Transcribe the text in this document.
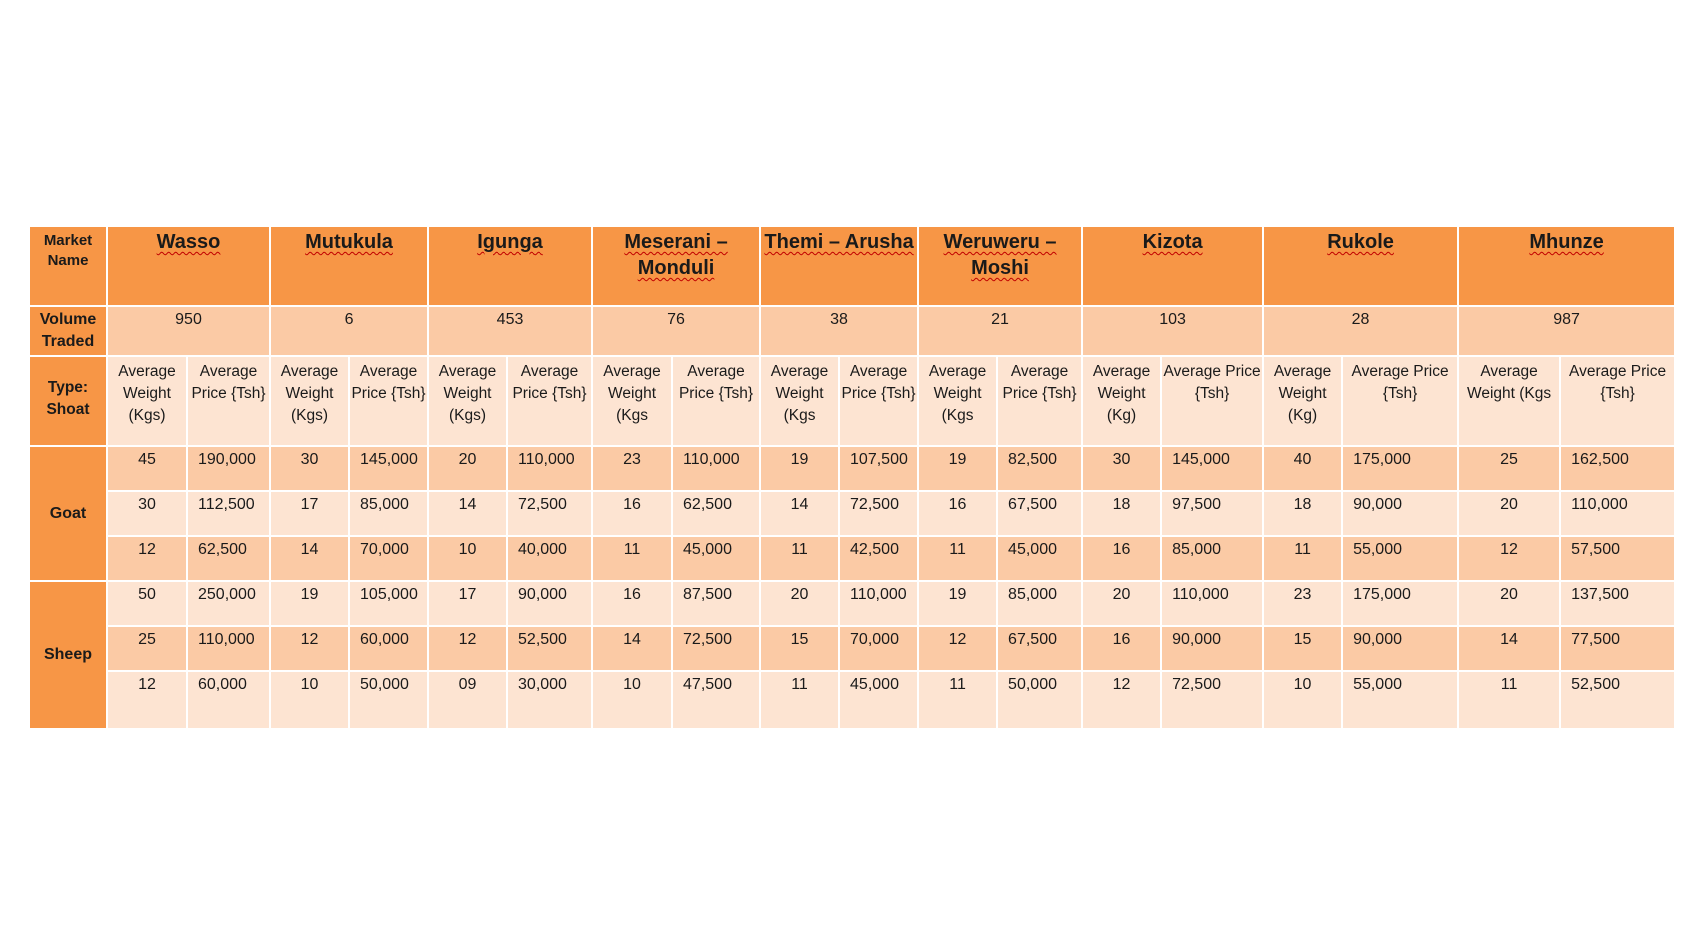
Market Name	Wasso		Mutukula		Igunga		Meserani – Monduli		Themi – Arusha		Weruweru – Moshi		Kizota		Rukole		Mhunze	
Volume Traded	950		6		453		76		38		21		103		28		987	
Type: Shoat	Average Weight (Kgs)	Average Price {Tsh}	Average Weight (Kgs)	Average Price {Tsh}	Average Weight (Kgs)	Average Price {Tsh}	Average Weight (Kgs	Average Price {Tsh}	Average Weight (Kgs	Average Price {Tsh}	Average Weight (Kgs	Average Price {Tsh}	Average Weight (Kg)	Average Price {Tsh}	Average Weight (Kg)	Average Price {Tsh}	Average Weight (Kgs	Average Price {Tsh}
Goat	45	190,000	30	145,000	20	110,000	23	110,000	19	107,500	19	82,500	30	145,000	40	175,000	25	162,500
	30	112,500	17	85,000	14	72,500	16	62,500	14	72,500	16	67,500	18	97,500	18	90,000	20	110,000
	12	62,500	14	70,000	10	40,000	11	45,000	11	42,500	11	45,000	16	85,000	11	55,000	12	57,500
Sheep	50	250,000	19	105,000	17	90,000	16	87,500	20	110,000	19	85,000	20	110,000	23	175,000	20	137,500
	25	110,000	12	60,000	12	52,500	14	72,500	15	70,000	12	67,500	16	90,000	15	90,000	14	77,500
	12	60,000	10	50,000	09	30,000	10	47,500	11	45,000	11	50,000	12	72,500	10	55,000	11	52,500
